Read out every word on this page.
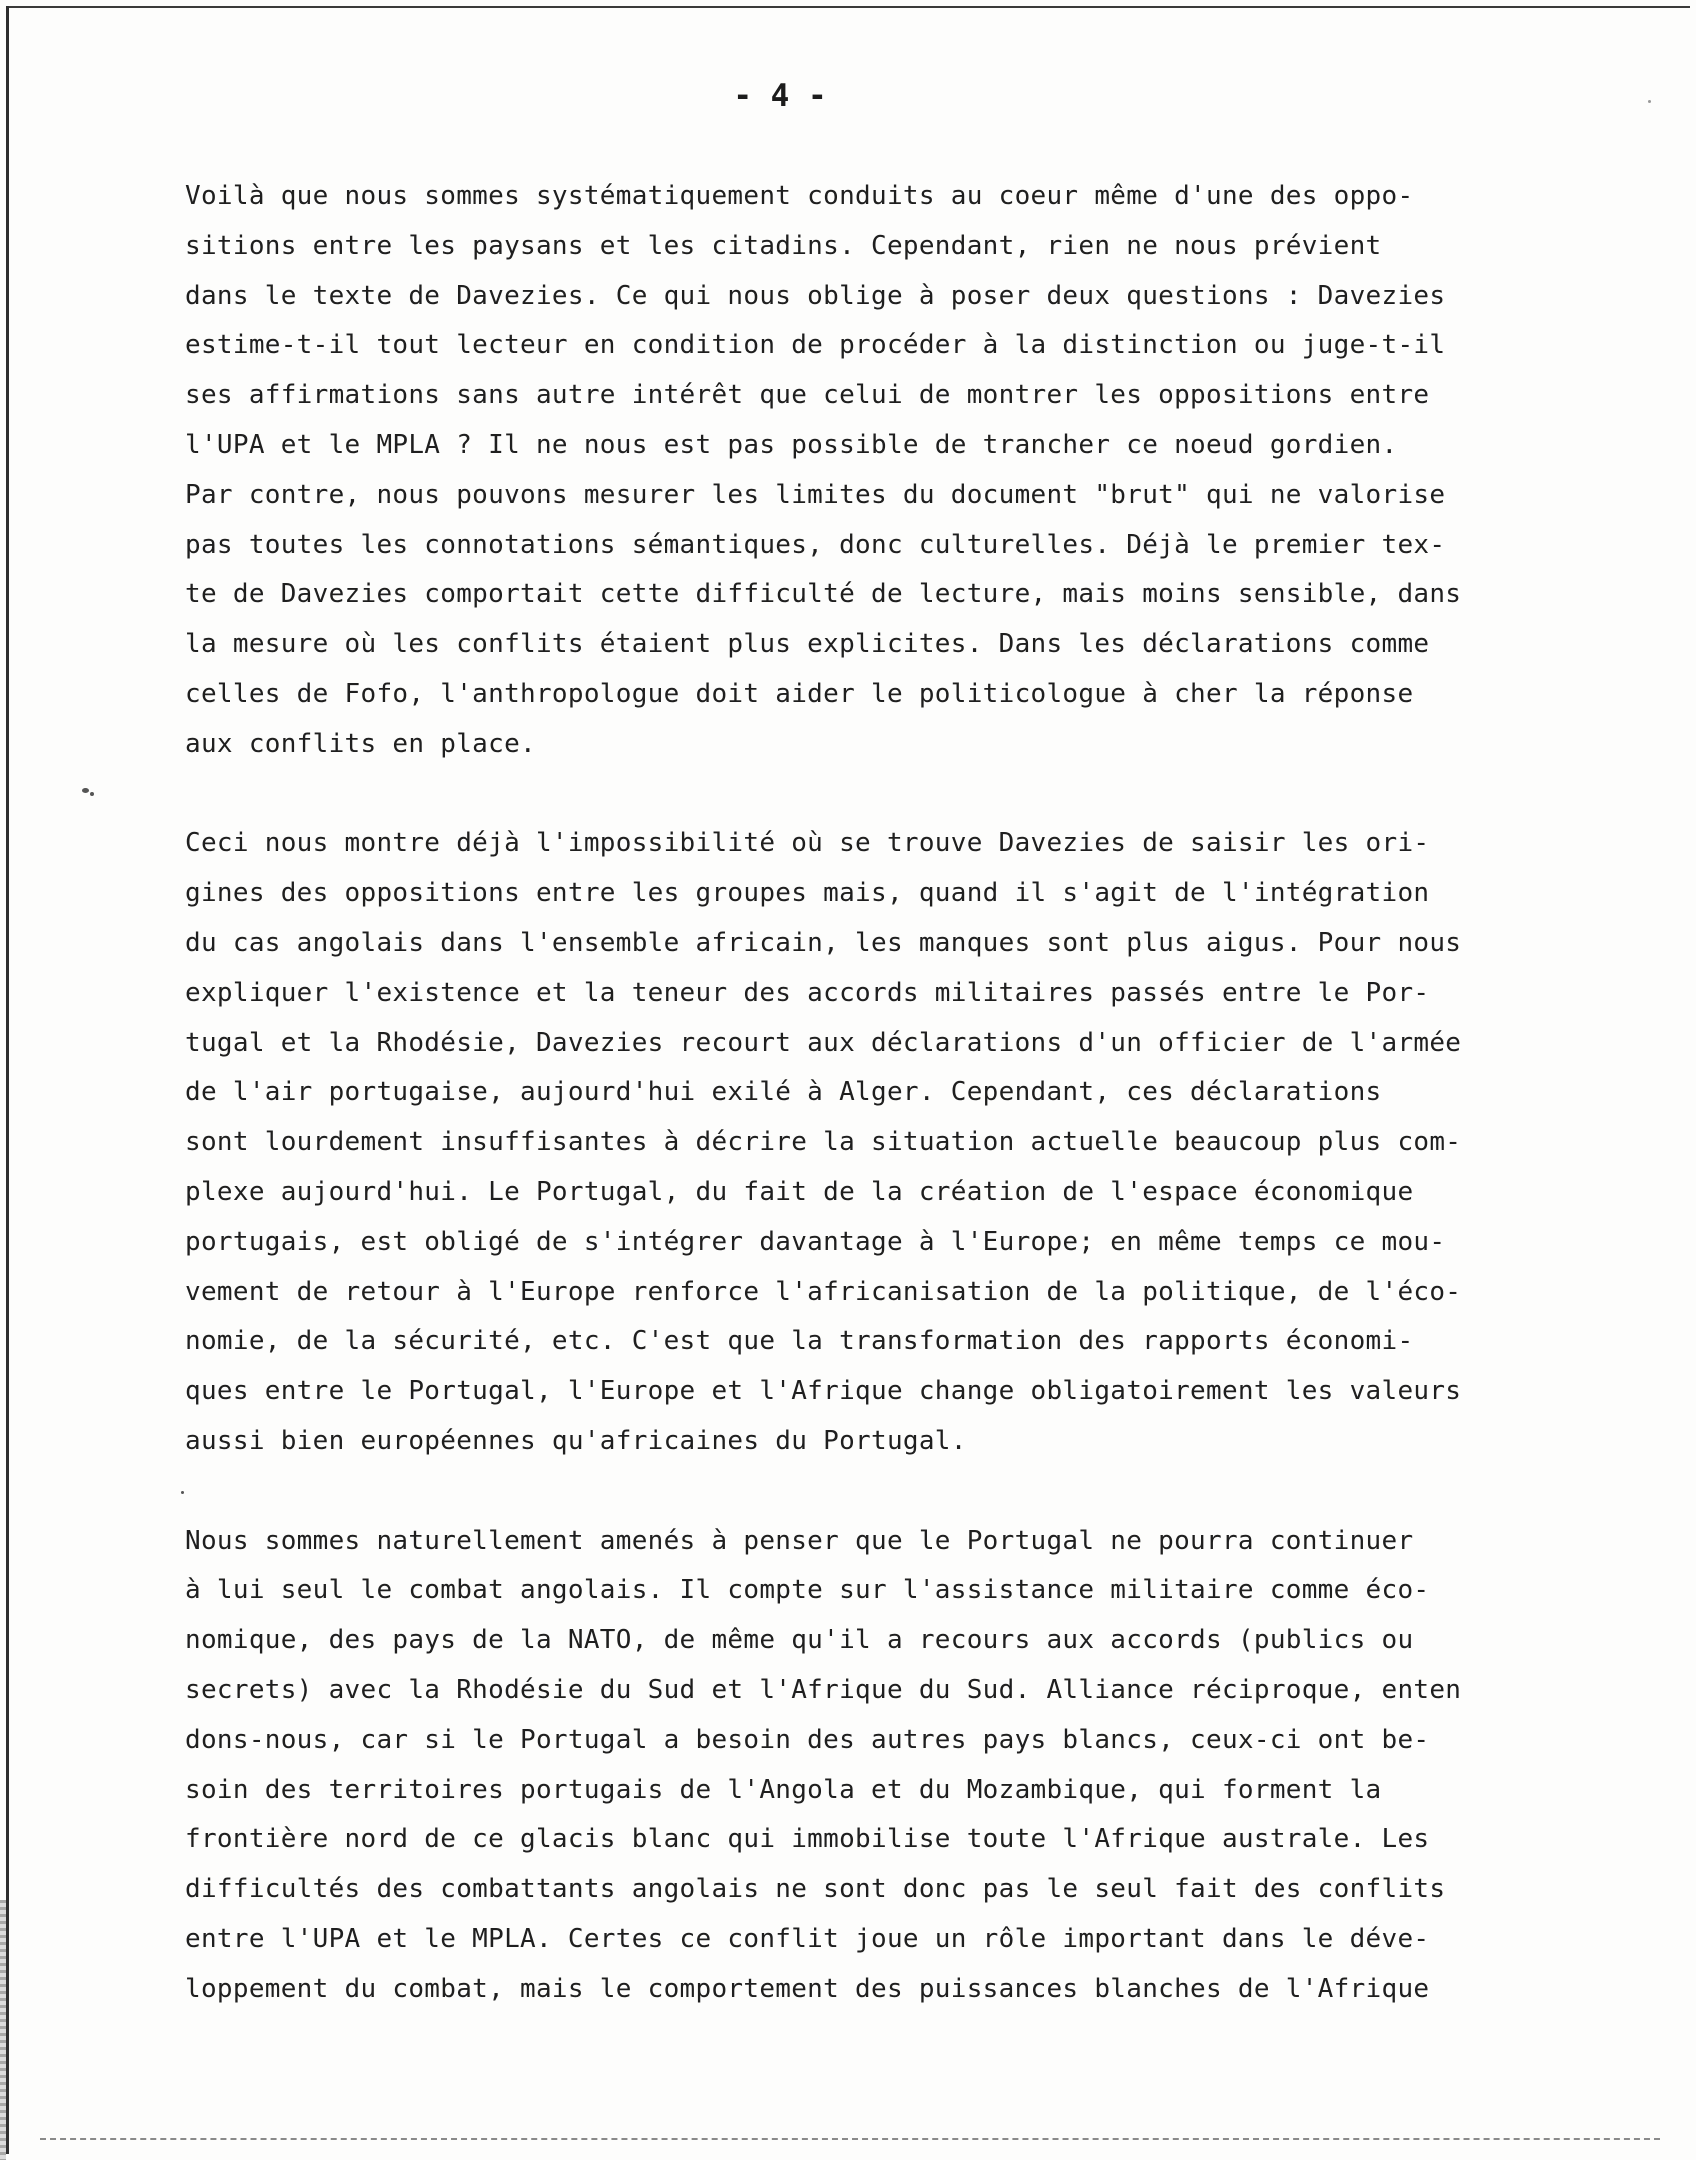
- 4 -
Voilà que nous sommes systématiquement conduits au coeur même d'une des oppo-
sitions entre les paysans et les citadins. Cependant, rien ne nous prévient
dans le texte de Davezies. Ce qui nous oblige à poser deux questions : Davezies
estime-t-il tout lecteur en condition de procéder à la distinction ou juge-t-il
ses affirmations sans autre intérêt que celui de montrer les oppositions entre
l'UPA et le MPLA ? Il ne nous est pas possible de trancher ce noeud gordien.
Par contre, nous pouvons mesurer les limites du document "brut" qui ne valorise
pas toutes les connotations sémantiques, donc culturelles. Déjà le premier tex-
te de Davezies comportait cette difficulté de lecture, mais moins sensible, dans
la mesure où les conflits étaient plus explicites. Dans les déclarations comme
celles de Fofo, l'anthropologue doit aider le politicologue à cher la réponse
aux conflits en place.
Ceci nous montre déjà l'impossibilité où se trouve Davezies de saisir les ori-
gines des oppositions entre les groupes mais, quand il s'agit de l'intégration
du cas angolais dans l'ensemble africain, les manques sont plus aigus. Pour nous
expliquer l'existence et la teneur des accords militaires passés entre le Por-
tugal et la Rhodésie, Davezies recourt aux déclarations d'un officier de l'armée
de l'air portugaise, aujourd'hui exilé à Alger. Cependant, ces déclarations
sont lourdement insuffisantes à décrire la situation actuelle beaucoup plus com-
plexe aujourd'hui. Le Portugal, du fait de la création de l'espace économique
portugais, est obligé de s'intégrer davantage à l'Europe; en même temps ce mou-
vement de retour à l'Europe renforce l'africanisation de la politique, de l'éco-
nomie, de la sécurité, etc. C'est que la transformation des rapports économi-
ques entre le Portugal, l'Europe et l'Afrique change obligatoirement les valeurs
aussi bien européennes qu'africaines du Portugal.
Nous sommes naturellement amenés à penser que le Portugal ne pourra continuer
à lui seul le combat angolais. Il compte sur l'assistance militaire comme éco-
nomique, des pays de la NATO, de même qu'il a recours aux accords (publics ou
secrets) avec la Rhodésie du Sud et l'Afrique du Sud. Alliance réciproque, enten
dons-nous, car si le Portugal a besoin des autres pays blancs, ceux-ci ont be-
soin des territoires portugais de l'Angola et du Mozambique, qui forment la
frontière nord de ce glacis blanc qui immobilise toute l'Afrique australe. Les
difficultés des combattants angolais ne sont donc pas le seul fait des conflits
entre l'UPA et le MPLA. Certes ce conflit joue un rôle important dans le déve-
loppement du combat, mais le comportement des puissances blanches de l'Afrique
